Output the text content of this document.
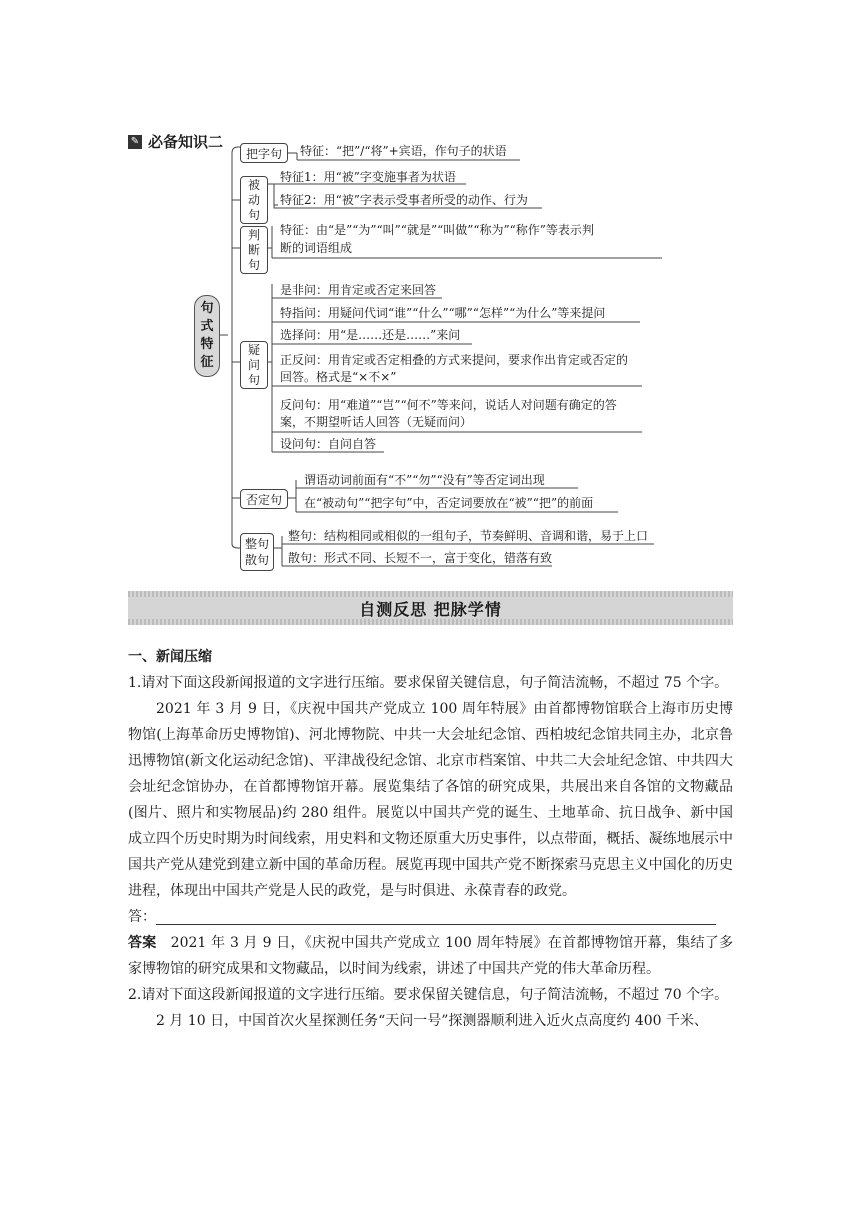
✎ 必备知识二
句式特征
把字句 特征：“把”/“将”+宾语，作句子的状语
被动句
特征1：用“被”字变施事者为状语
特征2：用“被”字表示受事者所受的动作、行为
判断句
特征：由“是”“为”“叫”“就是”“叫做”“称为”“称作”等表示判
断的词语组成
疑问句
是非问：用肯定或否定来回答
特指问：用疑问代词“谁”“什么”“哪”“怎样”“为什么”等来提问
选择问：用“是……还是……”来问
正反问：用肯定或否定相叠的方式来提问，要求作出肯定或否定的
回答。格式是“×不×”
反问句：用“难道”“岂”“何不”等来问，说话人对问题有确定的答
案，不期望听话人回答（无疑而问）
设问句：自问自答
否定句
谓语动词前面有“不”“勿”“没有”等否定词出现
在“被动句”“把字句”中，否定词要放在“被”“把”的前面
整句散句
整句：结构相同或相似的一组句子，节奏鲜明、音调和谐，易于上口
散句：形式不同、长短不一，富于变化，错落有致
自测反思 把脉学情

一、新闻压缩

1.请对下面这段新闻报道的文字进行压缩。要求保留关键信息，句子简洁流畅，不超过 75 个字。

2021 年 3 月 9 日，《庆祝中国共产党成立 100 周年特展》由首都博物馆联合上海市历史博物馆(上海革命历史博物馆)、河北博物院、中共一大会址纪念馆、西柏坡纪念馆共同主办，北京鲁迅博物馆(新文化运动纪念馆)、平津战役纪念馆、北京市档案馆、中共二大会址纪念馆、中共四大会址纪念馆协办，在首都博物馆开幕。展览集结了各馆的研究成果，共展出来自各馆的文物藏品(图片、照片和实物展品)约 280 组件。展览以中国共产党的诞生、土地革命、抗日战争、新中国成立四个历史时期为时间线索，用史料和文物还原重大历史事件，以点带面，概括、凝练地展示中国共产党从建党到建立新中国的革命历程。展览再现中国共产党不断探索马克思主义中国化的历史进程，体现出中国共产党是人民的政党，是与时俱进、永葆青春的政党。

答：

答案 2021 年 3 月 9 日，《庆祝中国共产党成立 100 周年特展》在首都博物馆开幕，集结了多家博物馆的研究成果和文物藏品，以时间为线索，讲述了中国共产党的伟大革命历程。

2.请对下面这段新闻报道的文字进行压缩。要求保留关键信息，句子简洁流畅，不超过 70 个字。

2 月 10 日，中国首次火星探测任务“天问一号”探测器顺利进入近火点高度约 400 千米、
